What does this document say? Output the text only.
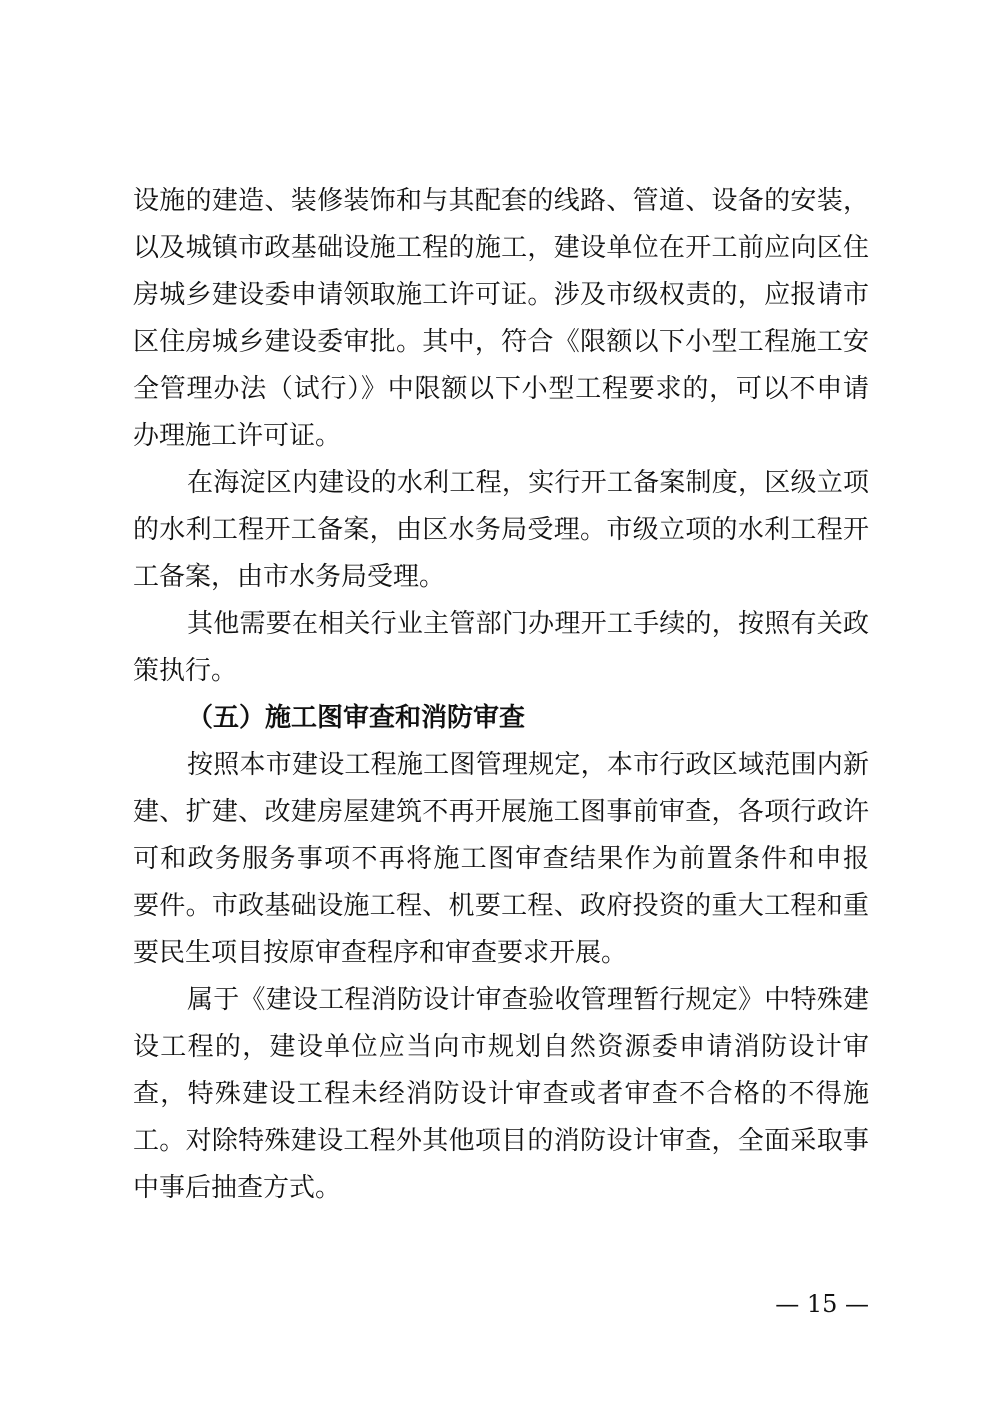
设施的建造、装修装饰和与其配套的线路、管道、设备的安装，
以及城镇市政基础设施工程的施工，建设单位在开工前应向区住
房城乡建设委申请领取施工许可证。涉及市级权责的，应报请市
区住房城乡建设委审批。其中，符合《限额以下小型工程施工安
全管理办法（试行）》中限额以下小型工程要求的，可以不申请
办理施工许可证。
在海淀区内建设的水利工程，实行开工备案制度，区级立项
的水利工程开工备案，由区水务局受理。市级立项的水利工程开
工备案，由市水务局受理。
其他需要在相关行业主管部门办理开工手续的，按照有关政
策执行。
（五）施工图审查和消防审查
按照本市建设工程施工图管理规定，本市行政区域范围内新
建、扩建、改建房屋建筑不再开展施工图事前审查，各项行政许
可和政务服务事项不再将施工图审查结果作为前置条件和申报
要件。市政基础设施工程、机要工程、政府投资的重大工程和重
要民生项目按原审查程序和审查要求开展。
属于《建设工程消防设计审查验收管理暂行规定》中特殊建
设工程的，建设单位应当向市规划自然资源委申请消防设计审
查，特殊建设工程未经消防设计审查或者审查不合格的不得施
工。对除特殊建设工程外其他项目的消防设计审查，全面采取事
中事后抽查方式。
— 15 —
